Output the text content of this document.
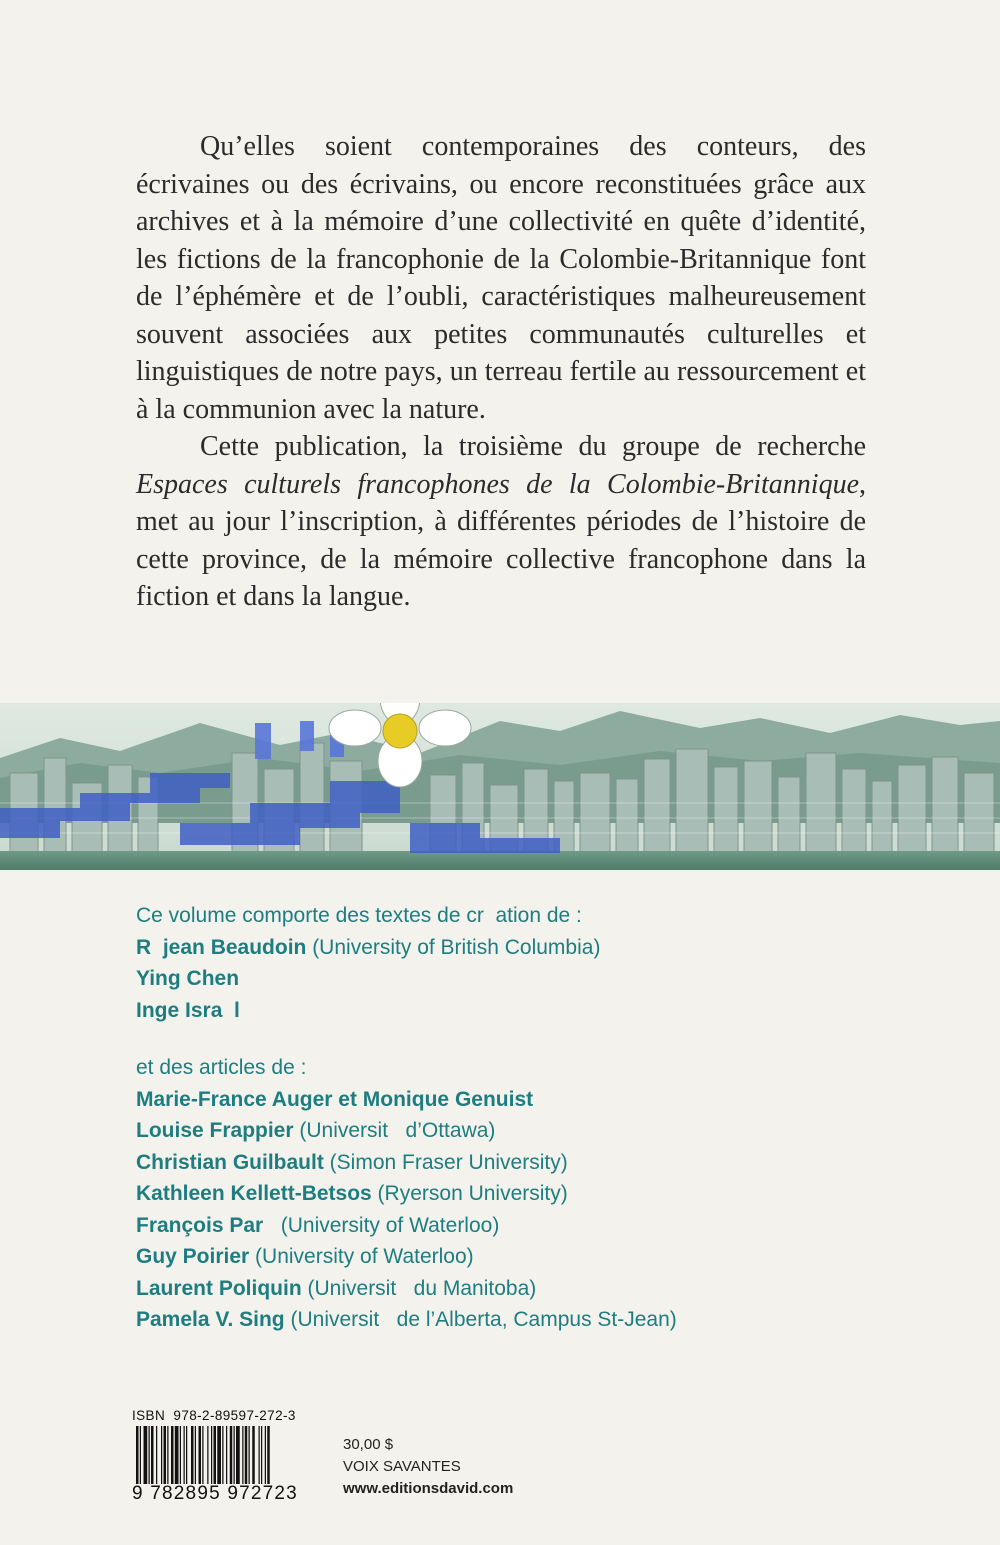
Qu’elles soient contemporaines des conteurs, des écrivaines ou des écrivains, ou encore reconstituées grâce aux archives et à la mémoire d’une collectivité en quête d’identité, les fictions de la francophonie de la Colombie-Britannique font de l’éphémère et de l’oubli, caractéristiques malheureusement souvent associées aux petites communautés culturelles et linguistiques de notre pays, un terreau fertile au ressourcement et à la communion avec la nature.

Cette publication, la troisième du groupe de recherche Espaces culturels francophones de la Colombie-Britannique, met au jour l’inscription, à différentes périodes de l’histoire de cette province, de la mémoire collective francophone dans la fiction et dans la langue.

Ce volume comporte des textes de cr  ation de :
R  jean Beaudoin (University of British Columbia)
Ying Chen
Inge Isra  l
et des articles de :
Marie-France Auger et Monique Genuist
Louise Frappier (Universit   d’Ottawa)
Christian Guilbault (Simon Fraser University)
Kathleen Kellett-Betsos (Ryerson University)
François Par   (University of Waterloo)
Guy Poirier (University of Waterloo)
Laurent Poliquin (Universit   du Manitoba)
Pamela V. Sing (Universit   de l’Alberta, Campus St-Jean)
ISBN  978-2-89597-272-3
9 782895 972723
30,00 $
VOIX SAVANTES
www.editionsdavid.com
